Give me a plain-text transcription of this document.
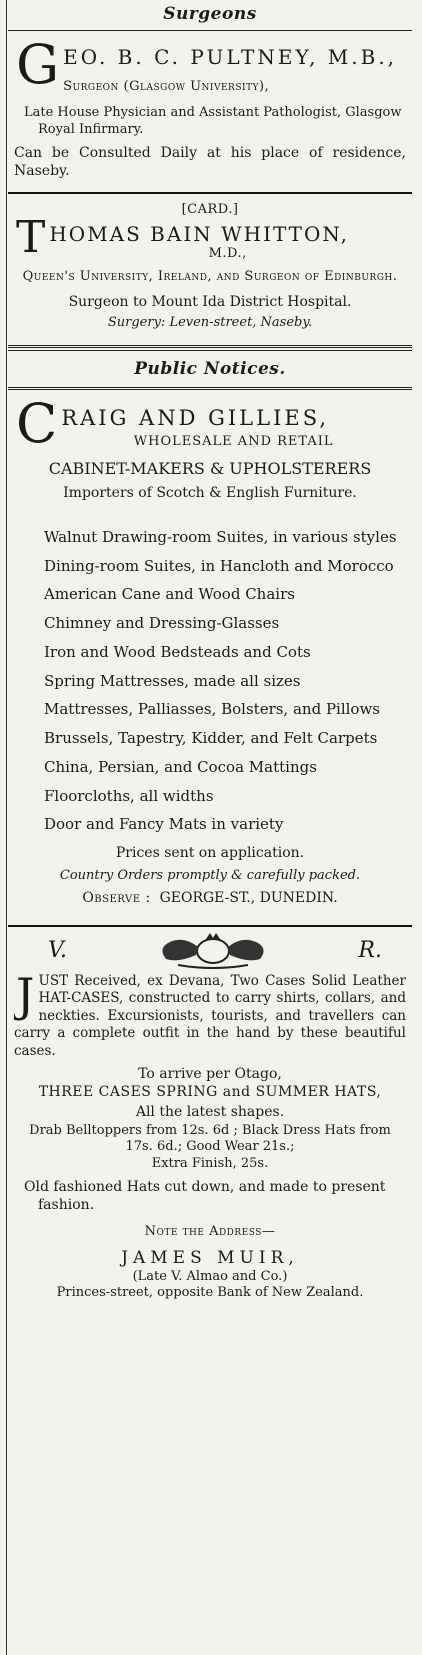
Surgeons
G EO. B. C. PULTNEY, M.B.,
Surgeon (Glasgow University),
Late House Physician and Assistant Pathologist, Glasgow Royal Infirmary.
Can be Consulted Daily at his place of residence, Naseby.
[CARD.]
T HOMAS BAIN WHITTON,
M.D.,
Queen's University, Ireland, and Surgeon of Edinburgh.
Surgeon to Mount Ida District Hospital.
Surgery: Leven-street, Naseby.
Public Notices.
C RAIG AND GILLIES,
WHOLESALE AND RETAIL
CABINET-MAKERS & UPHOLSTERERS
Importers of Scotch & English Furniture.
Walnut Drawing-room Suites, in various styles
Dining-room Suites, in Hancloth and Morocco
American Cane and Wood Chairs
Chimney and Dressing-Glasses
Iron and Wood Bedsteads and Cots
Spring Mattresses, made all sizes
Mattresses, Palliasses, Bolsters, and Pillows
Brussels, Tapestry, Kidder, and Felt Carpets
China, Persian, and Cocoa Mattings
Floorcloths, all widths
Door and Fancy Mats in variety
Prices sent on application.
Country Orders promptly & carefully packed.
Observe : GEORGE-ST., DUNEDIN.
V.	R.
J UST Received, ex Devana, Two Cases Solid Leather HAT-CASES, constructed to carry shirts, collars, and neckties. Excursionists, tourists, and travellers can carry a complete outfit in the hand by these beautiful cases.
To arrive per Otago,
THREE CASES SPRING and SUMMER HATS,
All the latest shapes.
Drab Belltoppers from 12s. 6d ; Black Dress Hats from 17s. 6d.; Good Wear 21s.;
Extra Finish, 25s.
Old fashioned Hats cut down, and made to present fashion.
Note the Address—
JAMES MUIR,
(Late V. Almao and Co.)
Princes-street, opposite Bank of New Zealand.
